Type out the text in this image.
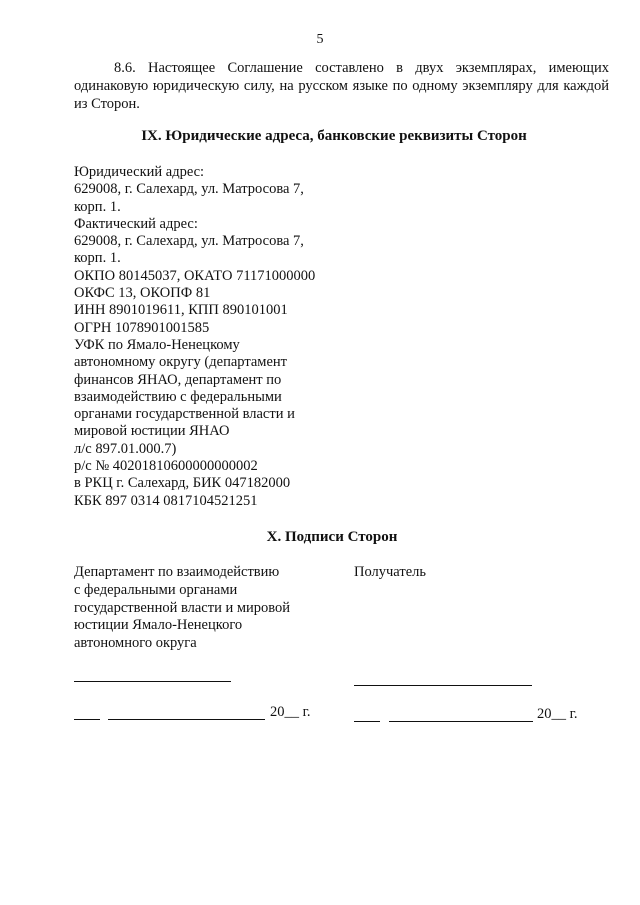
5
8.6. Настоящее Соглашение составлено в двух экземплярах, имеющих одинаковую юридическую силу, на русском языке по одному экземпляру для каждой из Сторон.
IX. Юридические адреса, банковские реквизиты Сторон
Юридический адрес:
629008, г. Салехард, ул. Матросова 7,
корп. 1.
Фактический адрес:
629008, г. Салехард, ул. Матросова 7,
корп. 1.
ОКПО 80145037, ОКАТО 71171000000
ОКФС 13, ОКОПФ 81
ИНН 8901019611, КПП 890101001
ОГРН 1078901001585
УФК по Ямало-Ненецкому
автономному округу (департамент
финансов ЯНАО, департамент по
взаимодействию с федеральными
органами государственной власти и
мировой юстиции ЯНАО
л/с 897.01.000.7)
р/с № 40201810600000000002
в РКЦ г. Салехард, БИК 047182000
КБК 897 0314 0817104521251
X. Подписи Сторон
Департамент по взаимодействию
с федеральными органами
государственной власти и мировой
юстиции Ямало-Ненецкого
автономного округа
Получатель
20__ г.	20__ г.
